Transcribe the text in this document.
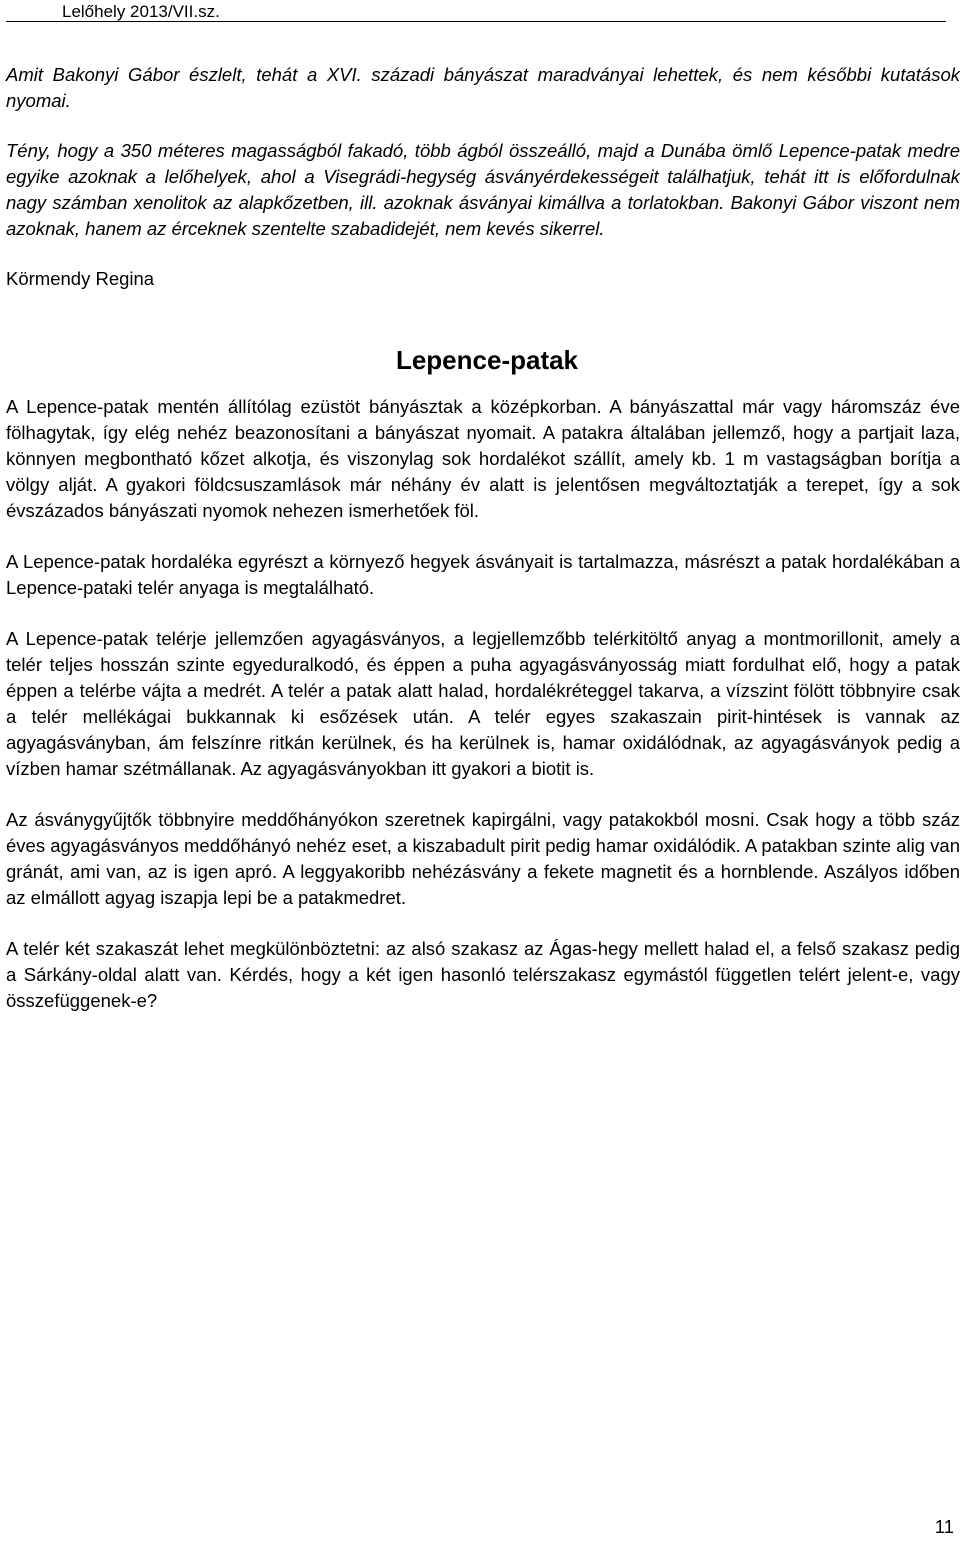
Lelőhely 2013/VII.sz.

Amit Bakonyi Gábor észlelt, tehát a XVI. századi bányászat maradványai lehettek, és nem későbbi kutatások nyomai.

Tény, hogy a 350 méteres magasságból fakadó, több ágból összeálló, majd a Dunába ömlő Lepence-patak medre egyike azoknak a lelőhelyek, ahol a Visegrádi-hegység ásványérdekességeit találhatjuk, tehát itt is előfordulnak nagy számban xenolitok az alapkőzetben, ill. azoknak ásványai kimállva a torlatokban. Bakonyi Gábor viszont nem azoknak, hanem az érceknek szentelte szabadidejét, nem kevés sikerrel.

Körmendy Regina

Lepence-patak

A Lepence-patak mentén állítólag ezüstöt bányásztak a középkorban. A bányászattal már vagy háromszáz éve fölhagytak, így elég nehéz beazonosítani a bányászat nyomait. A patakra általában jellemző, hogy a partjait laza, könnyen megbontható kőzet alkotja, és viszonylag sok hordalékot szállít, amely kb. 1 m vastagságban borítja a völgy alját. A gyakori földcsuszamlások már néhány év alatt is jelentősen megváltoztatják a terepet, így a sok évszázados bányászati nyomok nehezen ismerhetőek föl.

A Lepence-patak hordaléka egyrészt a környező hegyek ásványait is tartalmazza, másrészt a patak hordalékában a Lepence-pataki telér anyaga is megtalálható.

A Lepence-patak telérje jellemzően agyagásványos, a legjellemzőbb telérkitöltő anyag a montmorillonit, amely a telér teljes hosszán szinte egyeduralkodó, és éppen a puha agyagásványosság miatt fordulhat elő, hogy a patak éppen a telérbe vájta a medrét. A telér a patak alatt halad, hordalékréteggel takarva, a vízszint fölött többnyire csak a telér mellékágai bukkannak ki esőzések után. A telér egyes szakaszain pirit-hintések is vannak az agyagásványban, ám felszínre ritkán kerülnek, és ha kerülnek is, hamar oxidálódnak, az agyagásványok pedig a vízben hamar szétmállanak. Az agyagásványokban itt gyakori a biotit is.

Az ásványgyűjtők többnyire meddőhányókon szeretnek kapirgálni, vagy patakokból mosni. Csak hogy a több száz éves agyagásványos meddőhányó nehéz eset, a kiszabadult pirit pedig hamar oxidálódik. A patakban szinte alig van gránát, ami van, az is igen apró. A leggyakoribb nehézásvány a fekete magnetit és a hornblende. Aszályos időben az elmállott agyag iszapja lepi be a patakmedret.

A telér két szakaszát lehet megkülönböztetni: az alsó szakasz az Ágas-hegy mellett halad el, a felső szakasz pedig a Sárkány-oldal alatt van. Kérdés, hogy a két igen hasonló telérszakasz egymástól független telért jelent-e, vagy összefüggenek-e?

11
